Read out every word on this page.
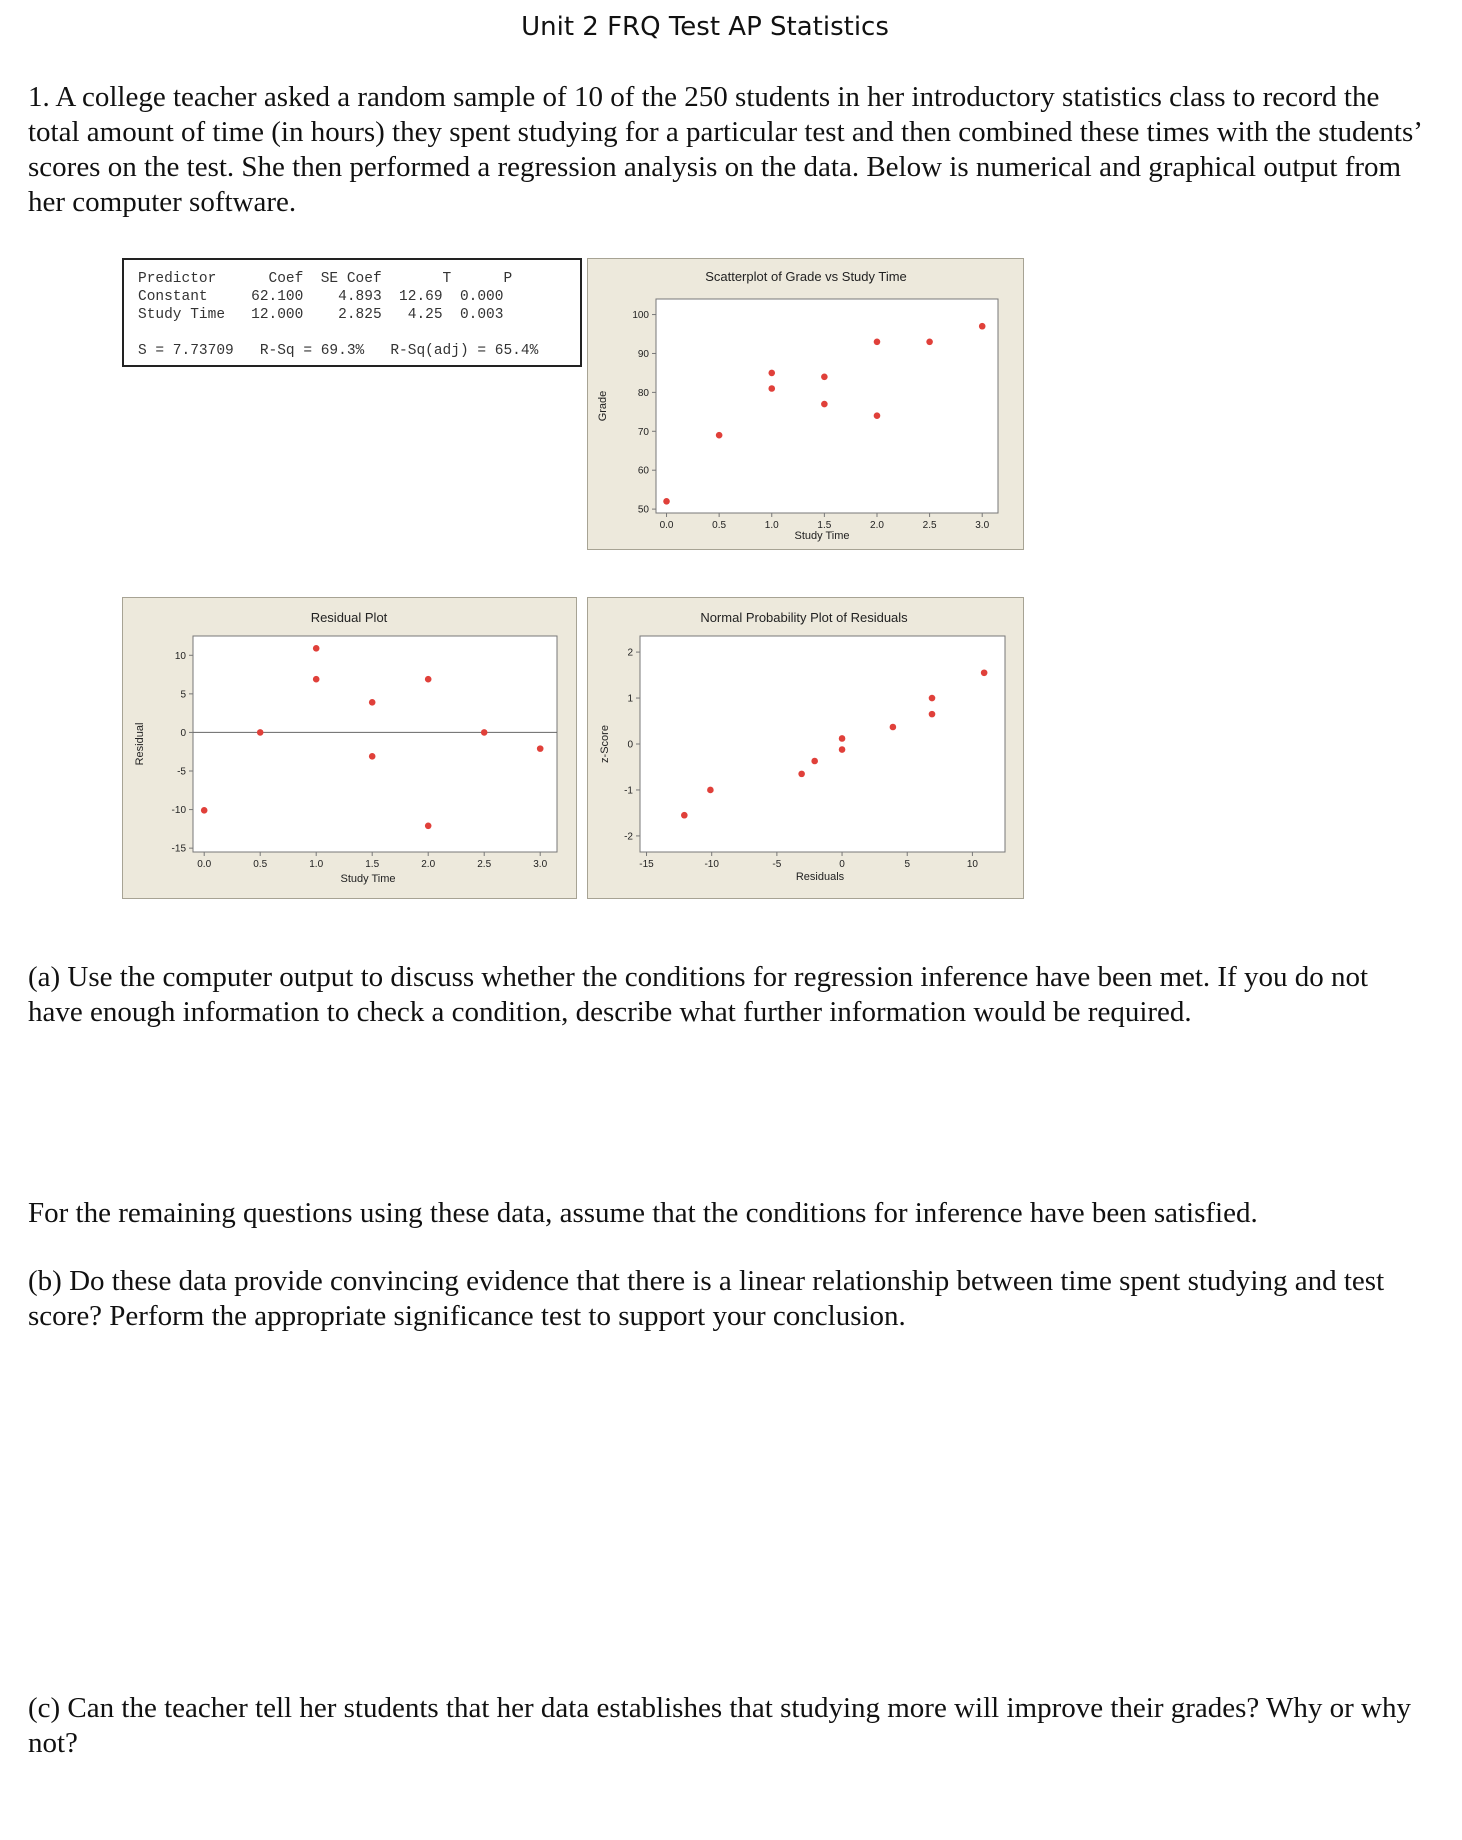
Unit 2 FRQ Test AP Statistics

1. A college teacher asked a random sample of 10 of the 250 students in her introductory statistics class to record the total amount of time (in hours) they spent studying for a particular test and then combined these times with the students’ scores on the test. She then performed a regression analysis on the data. Below is numerical and graphical output from her computer software.

Predictor      Coef  SE Coef       T      P
Constant     62.100    4.893  12.69  0.000
Study Time   12.000    2.825   4.25  0.003
S = 7.73709   R-Sq = 69.3%   R-Sq(adj) = 65.4%
Scatterplot of Grade vs Study Time
0.0	0.5	1.0	1.5	2.0	2.5	3.0
50
60
70
80
90
100
Study Time
Grade
Residual Plot
0.0	0.5	1.0	1.5	2.0	2.5	3.0
-15
-10
-5
0
5
10
Study Time
Residual
Normal Probability Plot of Residuals
-15	-10	-5	0	5	10
-2
-1
0
1
2
Residuals
z-Score

(a) Use the computer output to discuss whether the conditions for regression inference have been met. If you do not have enough information to check a condition, describe what further information would be required.

For the remaining questions using these data, assume that the conditions for inference have been satisfied.

(b) Do these data provide convincing evidence that there is a linear relationship between time spent studying and test score? Perform the appropriate significance test to support your conclusion.

(c) Can the teacher tell her students that her data establishes that studying more will improve their grades? Why or why not?
